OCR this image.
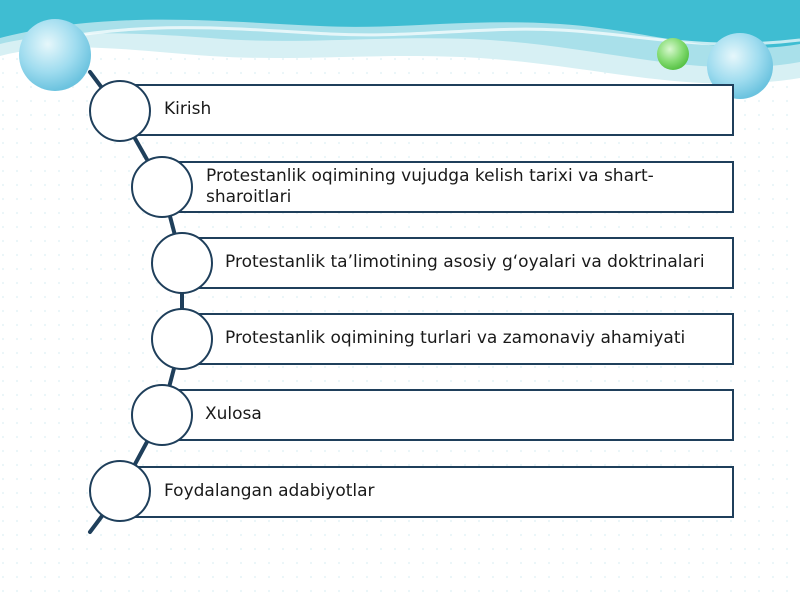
Kirish
Protestanlik oqimining vujudga kelish tarixi va shart-sharoitlari
Protestanlik ta’limotining asosiy g‘oyalari va doktrinalari
Protestanlik oqimining turlari va zamonaviy ahamiyati
Xulosa
Foydalangan adabiyotlar
